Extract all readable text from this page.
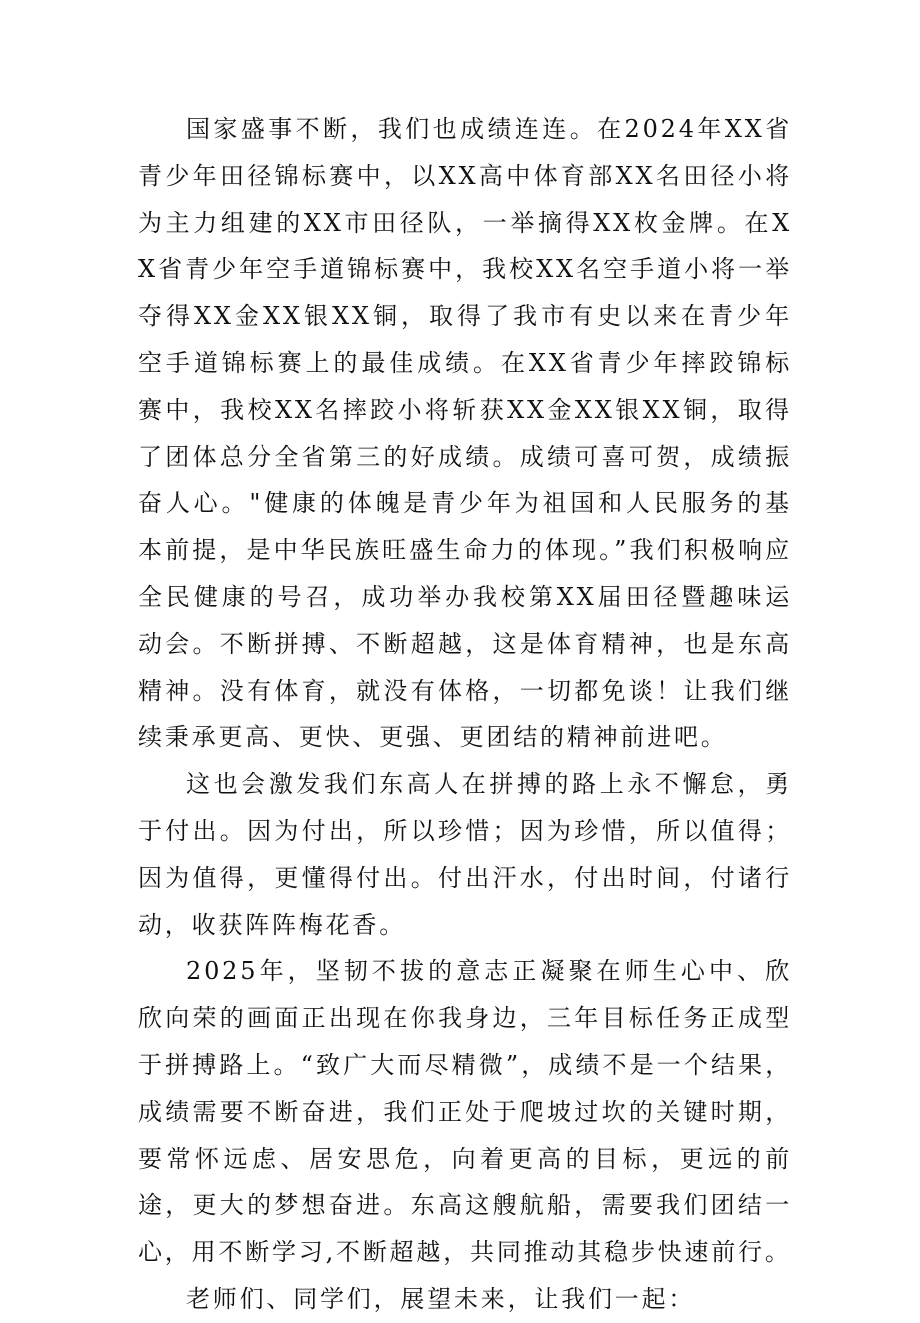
国家盛事不断，我们也成绩连连。在2024年XX省青少年田径锦标赛中，以XX高中体育部XX名田径小将为主力组建的XX市田径队，一举摘得XX枚金牌。在XX省青少年空手道锦标赛中，我校XX名空手道小将一举夺得XX金XX银XX铜，取得了我市有史以来在青少年空手道锦标赛上的最佳成绩。在XX省青少年摔跤锦标赛中，我校XX名摔跤小将斩获XX金XX银XX铜，取得了团体总分全省第三的好成绩。成绩可喜可贺，成绩振奋人心。"健康的体魄是青少年为祖国和人民服务的基本前提，是中华民族旺盛生命力的体现。”我们积极响应全民健康的号召，成功举办我校第XX届田径暨趣味运动会。不断拼搏、不断超越，这是体育精神，也是东高精神。没有体育，就没有体格，一切都免谈！让我们继续秉承更高、更快、更强、更团结的精神前进吧。

这也会激发我们东高人在拼搏的路上永不懈怠，勇于付出。因为付出，所以珍惜；因为珍惜，所以值得；因为值得，更懂得付出。付出汗水，付出时间，付诸行动，收获阵阵梅花香。

2025年，坚韧不拔的意志正凝聚在师生心中、欣欣向荣的画面正出现在你我身边，三年目标任务正成型于拼搏路上。“致广大而尽精微”，成绩不是一个结果，成绩需要不断奋进，我们正处于爬坡过坎的关键时期，要常怀远虑、居安思危，向着更高的目标，更远的前途，更大的梦想奋进。东高这艘航船，需要我们团结一心，用不断学习,不断超越，共同推动其稳步快速前行。

老师们、同学们，展望未来，让我们一起：
